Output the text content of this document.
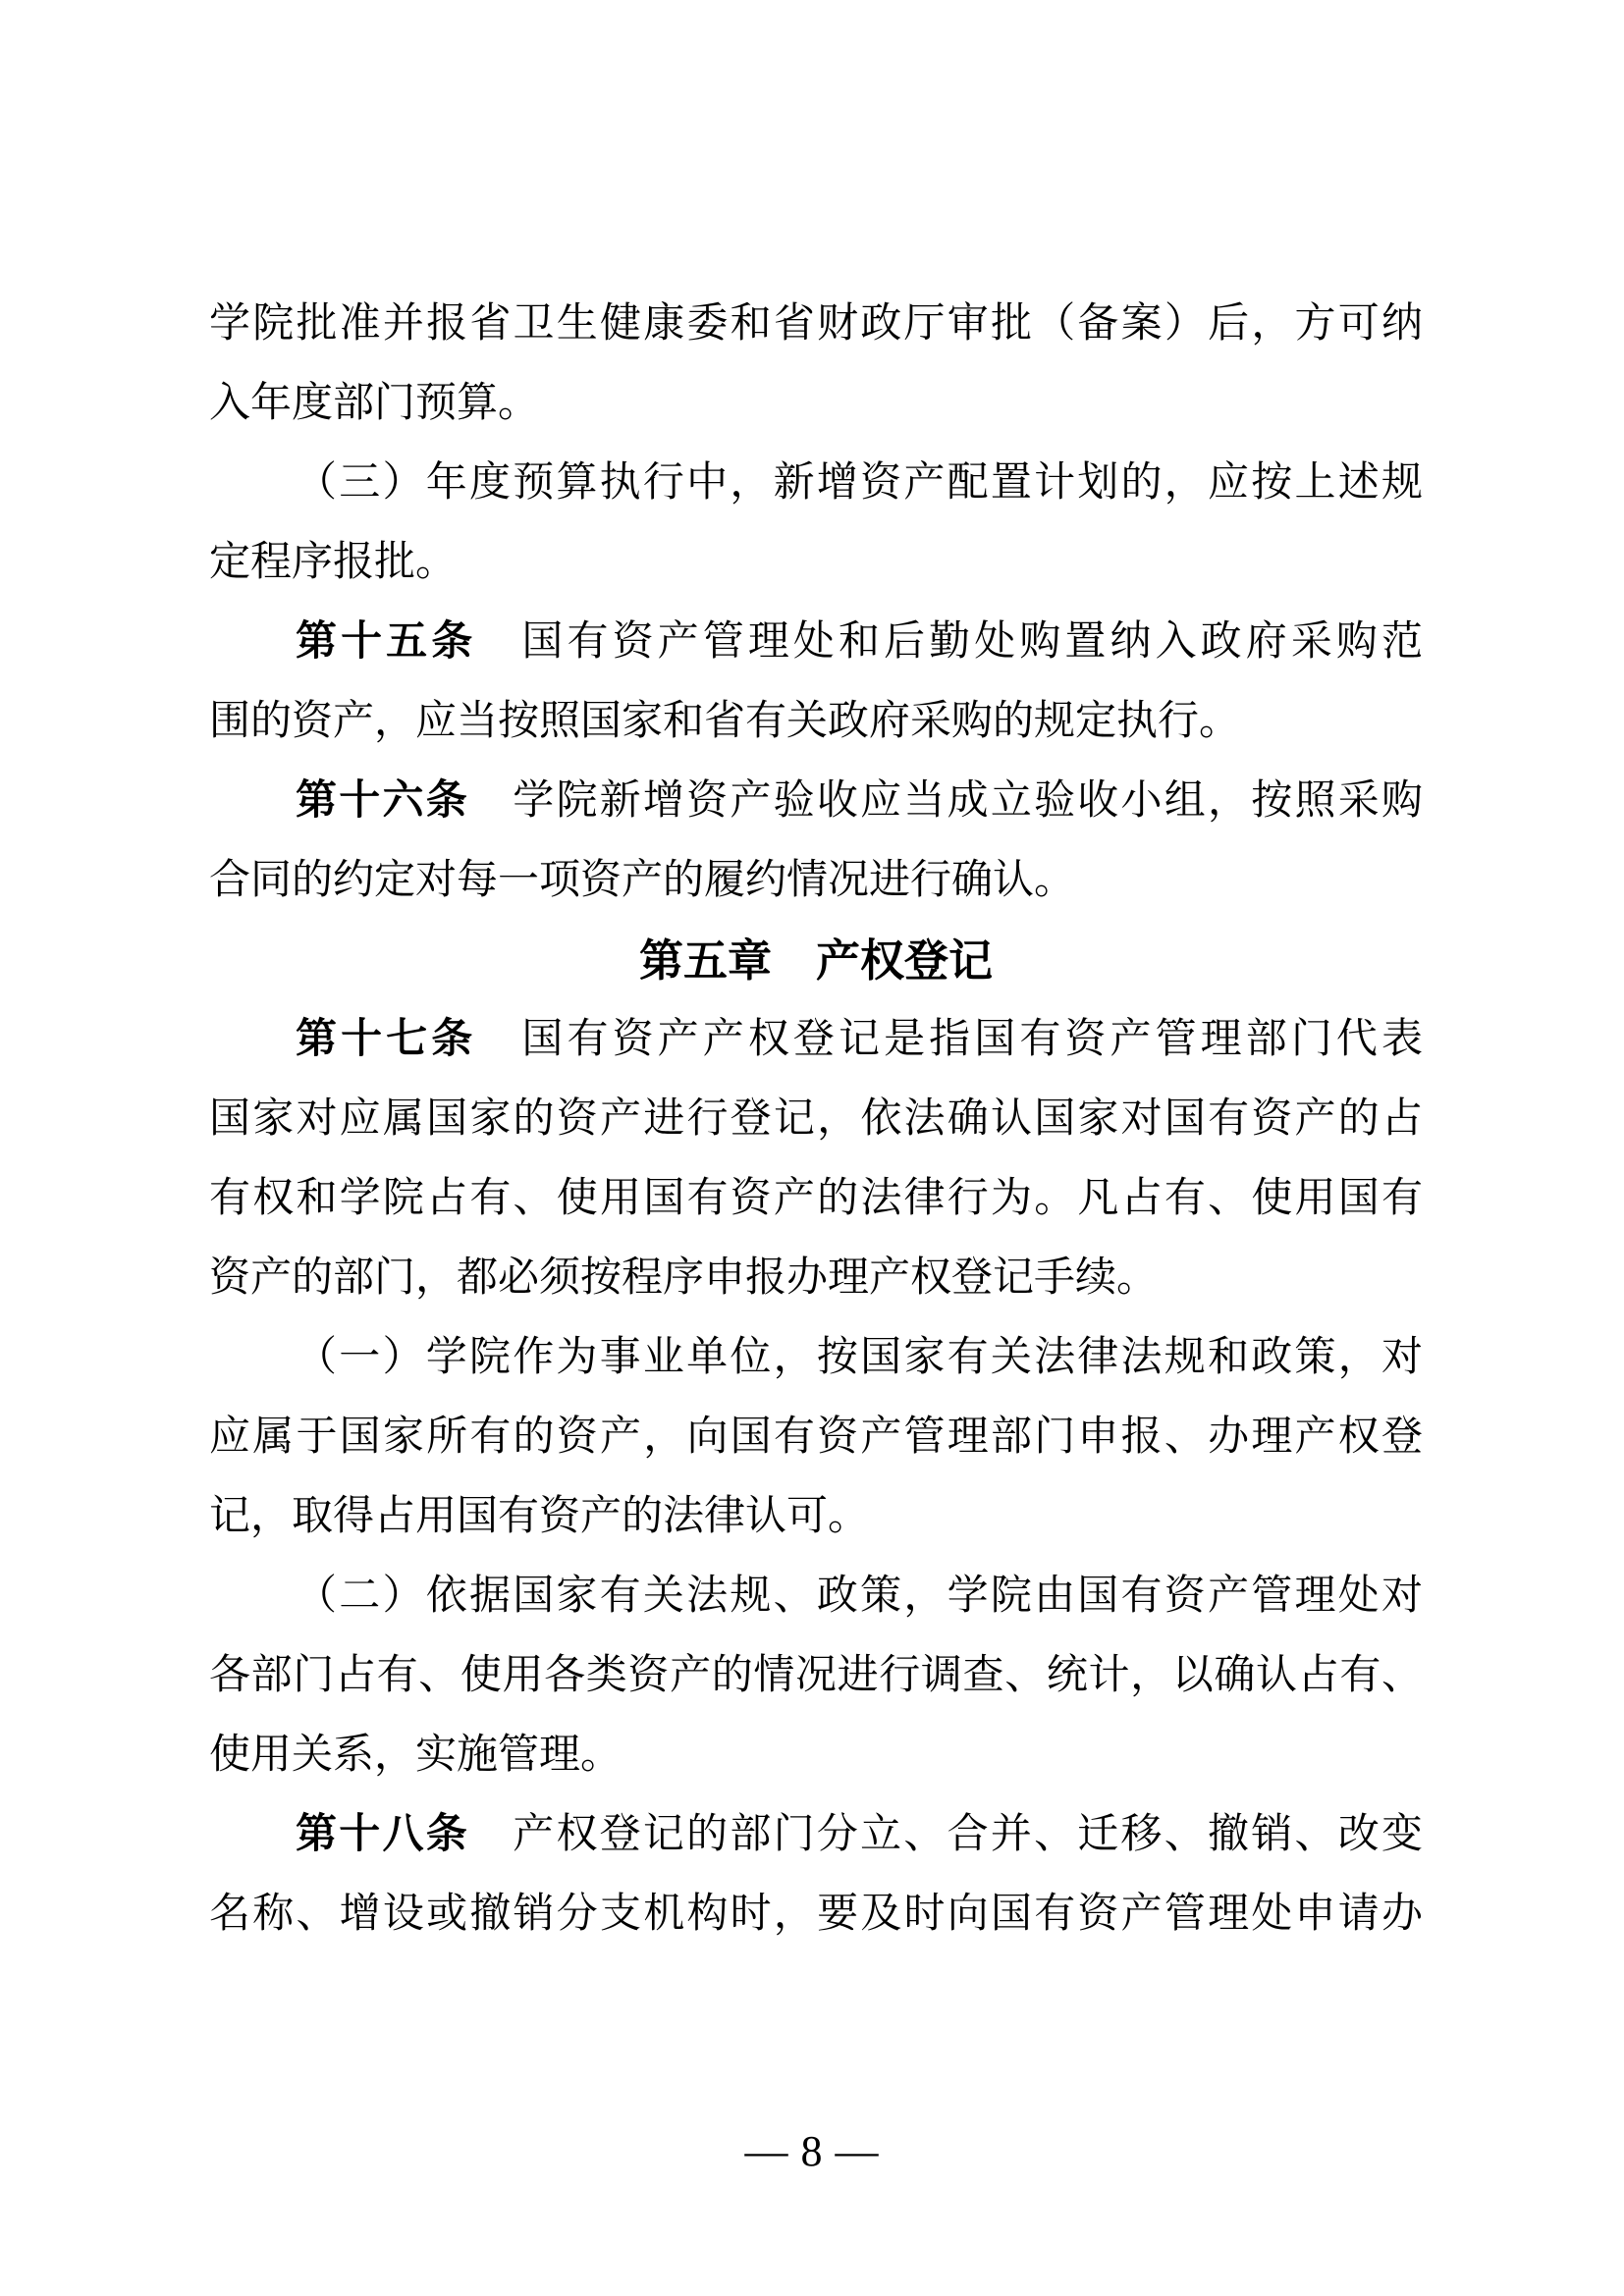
学院批准并报省卫生健康委和省财政厅审批（备案）后，方可纳
入年度部门预算。
（三）年度预算执行中，新增资产配置计划的，应按上述规
定程序报批。
第十五条　国有资产管理处和后勤处购置纳入政府采购范
围的资产，应当按照国家和省有关政府采购的规定执行。
第十六条　学院新增资产验收应当成立验收小组，按照采购
合同的约定对每一项资产的履约情况进行确认。
第五章　产权登记
第十七条　国有资产产权登记是指国有资产管理部门代表
国家对应属国家的资产进行登记，依法确认国家对国有资产的占
有权和学院占有、使用国有资产的法律行为。凡占有、使用国有
资产的部门，都必须按程序申报办理产权登记手续。
（一）学院作为事业单位，按国家有关法律法规和政策，对
应属于国家所有的资产，向国有资产管理部门申报、办理产权登
记，取得占用国有资产的法律认可。
（二）依据国家有关法规、政策，学院由国有资产管理处对
各部门占有、使用各类资产的情况进行调查、统计，以确认占有、
使用关系，实施管理。
第十八条　产权登记的部门分立、合并、迁移、撤销、改变
名称、增设或撤销分支机构时，要及时向国有资产管理处申请办
— 8 —
